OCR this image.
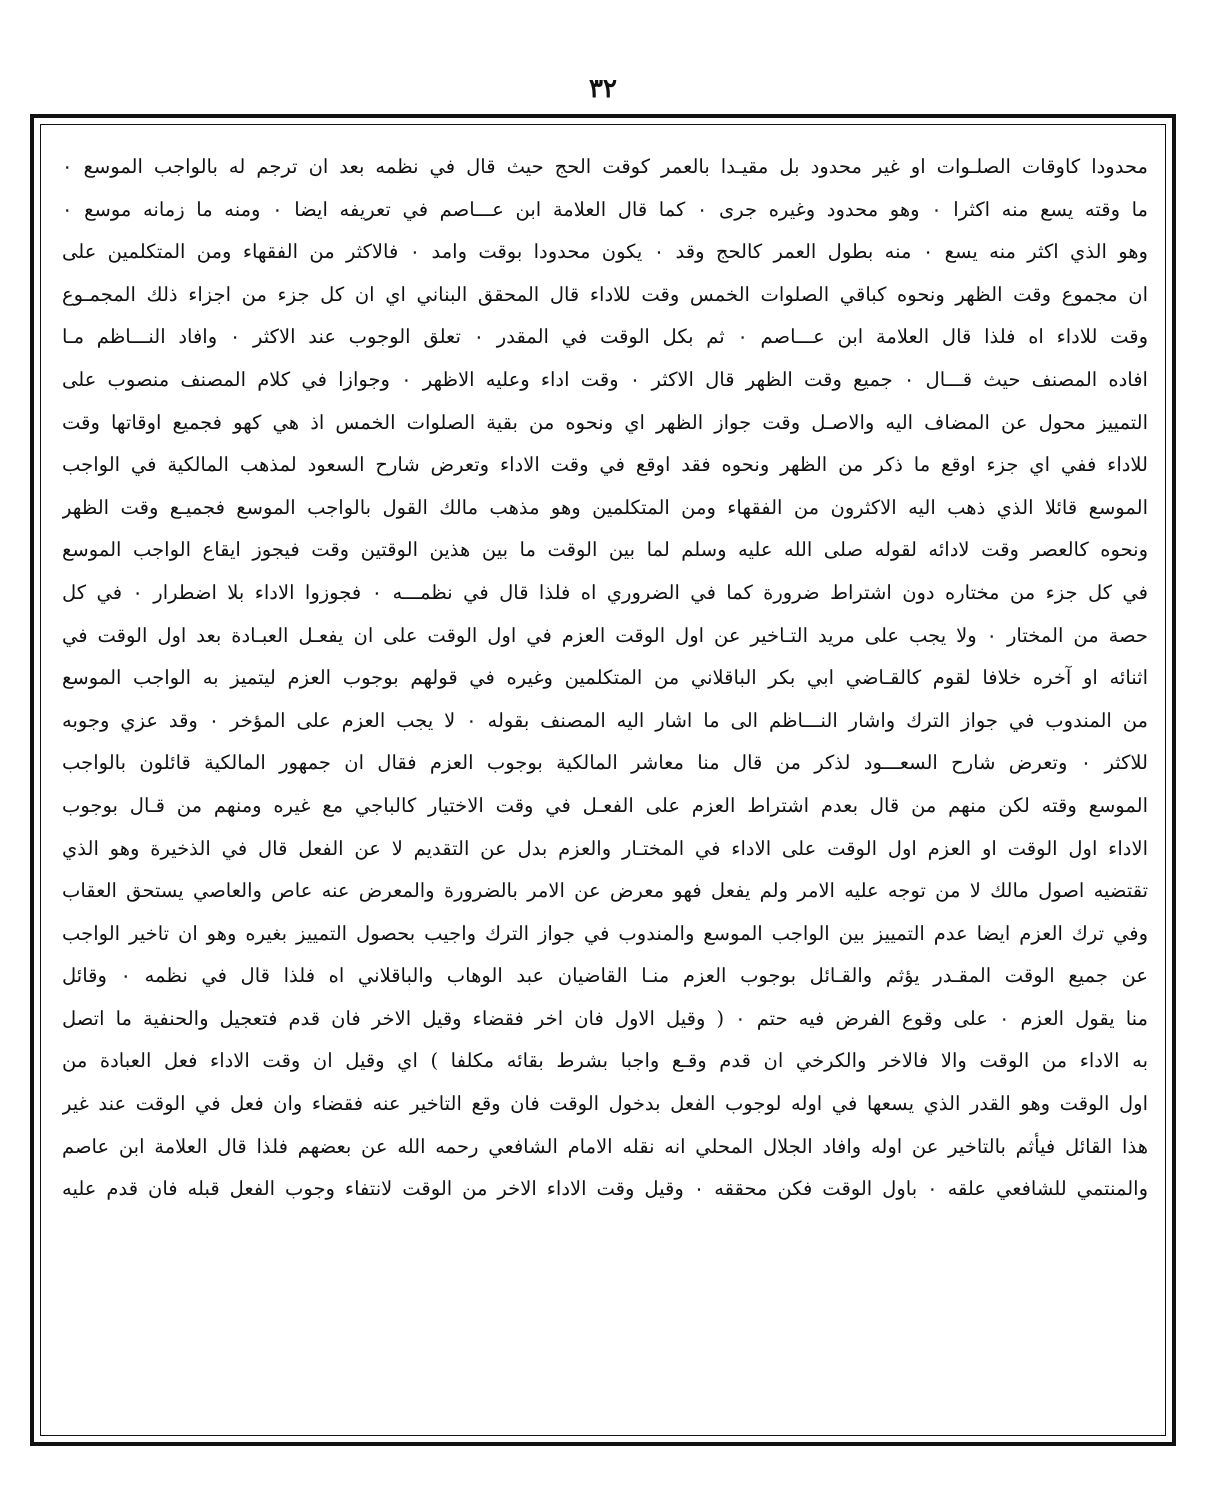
٣٢
محدودا كاوقات الصلـوات او غير محدود بل مقيـدا بالعمر كوقت الحج حيث قال في نظمه بعد ان ترجم له بالواجب الموسع ٠
ما وقته يسع منه اكثرا ٠ وهو محدود وغيره جرى ٠ كما قال العلامة ابن عـــاصم في تعريفه ايضا ٠ ومنه ما زمانه موسع ٠
وهو الذي اكثر منه يسع ٠ منه بطول العمر كالحج وقد ٠ يكون محدودا بوقت وامد ٠ فالاكثر من الفقهاء ومن المتكلمين على
ان مجموع وقت الظهر ونحوه كباقي الصلوات الخمس وقت للاداء قال المحقق البناني اي ان كل جزء من اجزاء ذلك المجمـوع
وقت للاداء اه فلذا قال العلامة ابن عـــاصم ٠ ثم بكل الوقت في المقدر ٠ تعلق الوجوب عند الاكثر ٠ وافاد النـــاظم مـا
افاده المصنف حيث قـــال ٠ جميع وقت الظهر قال الاكثر ٠ وقت اداء وعليه الاظهر ٠ وجوازا في كلام المصنف منصوب على
التمييز محول عن المضاف اليه والاصـل وقت جواز الظهر اي ونحوه من بقية الصلوات الخمس اذ هي كهو فجميع اوقاتها وقت
للاداء ففي اي جزء اوقع ما ذكر من الظهر ونحوه فقد اوقع في وقت الاداء وتعرض شارح السعود لمذهب المالكية في الواجب
الموسع قائلا الذي ذهب اليه الاكثرون من الفقهاء ومن المتكلمين وهو مذهب مالك القول بالواجب الموسع فجميـع وقت الظهر
ونحوه كالعصر وقت لادائه لقوله صلى الله عليه وسلم لما بين الوقت ما بين هذين الوقتين وقت فيجوز ايقاع الواجب الموسع
في كل جزء من مختاره دون اشتراط ضرورة كما في الضروري اه فلذا قال في نظمـــه ٠ فجوزوا الاداء بلا اضطرار ٠ في كل
حصة من المختار ٠ ولا يجب على مريد التـاخير عن اول الوقت العزم في اول الوقت على ان يفعـل العبـادة بعد اول الوقت في
اثنائه او آخره خلافا لقوم كالقـاضي ابي بكر الباقلاني من المتكلمين وغيره في قولهم بوجوب العزم ليتميز به الواجب الموسع
من المندوب في جواز الترك واشار النـــاظم الى ما اشار اليه المصنف بقوله ٠ لا يجب العزم على المؤخر ٠ وقد عزي وجوبه
للاكثر ٠ وتعرض شارح السعـــود لذكر من قال منا معاشر المالكية بوجوب العزم فقال ان جمهور المالكية قائلون بالواجب
الموسع وقته لكن منهم من قال بعدم اشتراط العزم على الفعـل في وقت الاختيار كالباجي مع غيره ومنهم من قـال بوجوب
الاداء اول الوقت او العزم اول الوقت على الاداء في المختـار والعزم بدل عن التقديم لا عن الفعل قال في الذخيرة وهو الذي
تقتضيه اصول مالك لا من توجه عليه الامر ولم يفعل فهو معرض عن الامر بالضرورة والمعرض عنه عاص والعاصي يستحق العقاب
وفي ترك العزم ايضا عدم التمييز بين الواجب الموسع والمندوب في جواز الترك واجيب بحصول التمييز بغيره وهو ان تاخير الواجب
عن جميع الوقت المقـدر يؤثم والقـائل بوجوب العزم منـا القاضيان عبد الوهاب والباقلاني اه فلذا قال في نظمه ٠ وقائل
منا يقول العزم ٠ على وقوع الفرض فيه حتم ٠ ( وقيل الاول فان اخر فقضاء وقيل الاخر فان قدم فتعجيل والحنفية ما اتصل
به الاداء من الوقت والا فالاخر والكرخي ان قدم وقـع واجبا بشرط بقائه مكلفا ) اي وقيل ان وقت الاداء فعل العبادة من
اول الوقت وهو القدر الذي يسعها في اوله لوجوب الفعل بدخول الوقت فان وقع التاخير عنه فقضاء وان فعل في الوقت عند غير
هذا القائل فيأثم بالتاخير عن اوله وافاد الجلال المحلي انه نقله الامام الشافعي رحمه الله عن بعضهم فلذا قال العلامة ابن عاصم
والمنتمي للشافعي علقه ٠ باول الوقت فكن محققه ٠ وقيل وقت الاداء الاخر من الوقت لانتفاء وجوب الفعل قبله فان قدم عليه
